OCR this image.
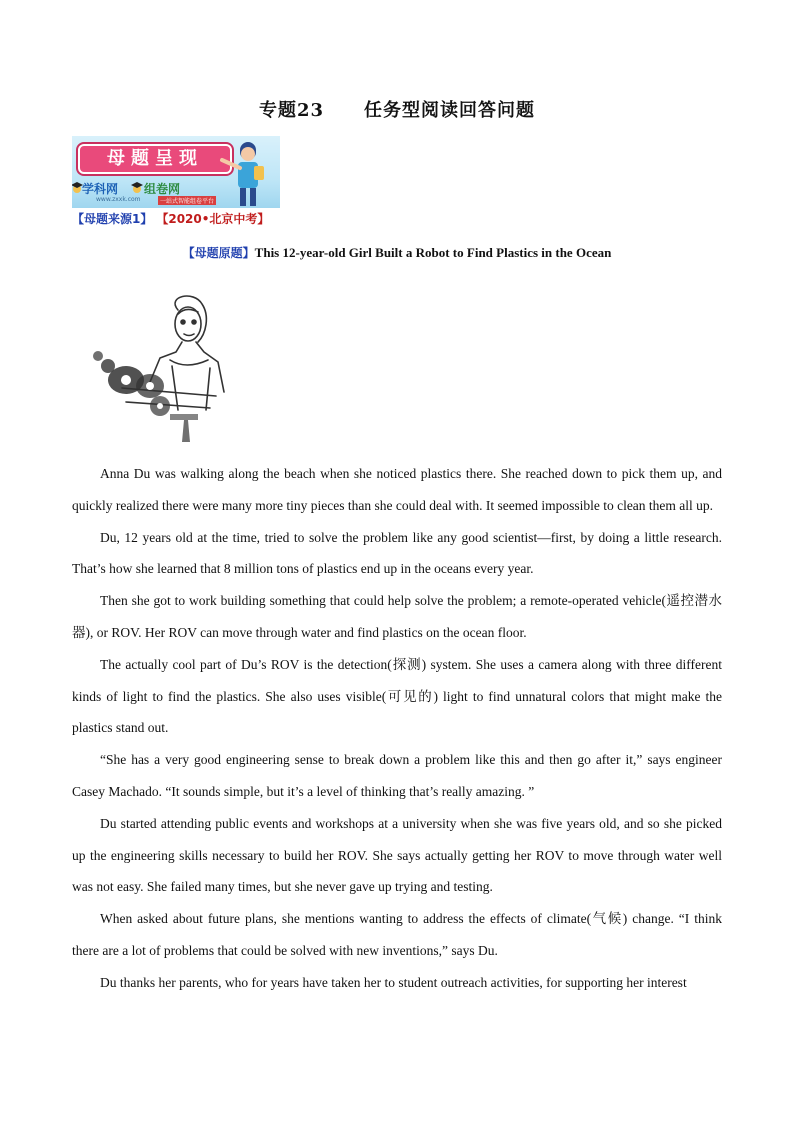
专题23 任务型阅读回答问题
母题呈现
学科网
www.zxxk.com
组卷网
一站式智能组卷平台
【母题来源1】 【2020•北京中考】
【母题原题】This 12-year-old Girl Built a Robot to Find Plastics in the Ocean

Anna Du was walking along the beach when she noticed plastics there. She reached down to pick them up, and quickly realized there were many more tiny pieces than she could deal with. It seemed impossible to clean them all up.

Du, 12 years old at the time, tried to solve the problem like any good scientist—first, by doing a little research. That’s how she learned that 8 million tons of plastics end up in the oceans every year.

Then she got to work building something that could help solve the problem; a remote-operated vehicle(遥控潜水器), or ROV. Her ROV can move through water and find plastics on the ocean floor.

The actually cool part of Du’s ROV is the detection(探测) system. She uses a camera along with three different kinds of light to find the plastics. She also uses visible(可见的) light to find unnatural colors that might make the plastics stand out.

“She has a very good engineering sense to break down a problem like this and then go after it,” says engineer Casey Machado. “It sounds simple, but it’s a level of thinking that’s really amazing. ”

Du started attending public events and workshops at a university when she was five years old, and so she picked up the engineering skills necessary to build her ROV. She says actually getting her ROV to move through water well was not easy. She failed many times, but she never gave up trying and testing.

When asked about future plans, she mentions wanting to address the effects of climate(气候) change. “I think there are a lot of problems that could be solved with new inventions,” says Du.

Du thanks her parents, who for years have taken her to student outreach activities, for supporting her interest
